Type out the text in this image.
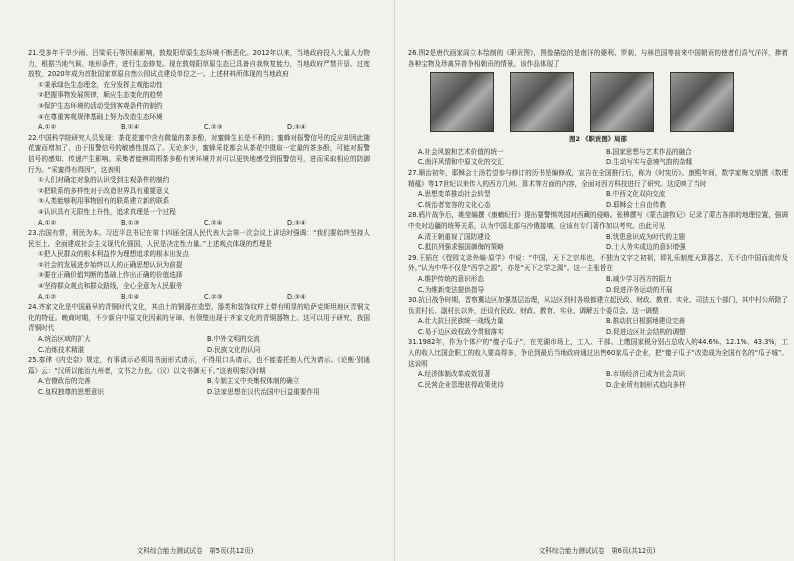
21.受多年干旱少雨、吕梁采石等因素影响，敦煌阳草原生态环境不断恶化。2012年以来，当地政府投入大量人力物力，根据当地气候、地形条件，进行生态修复。现在敦煌阳草原生态已具备自我恢复能力，当地政府严禁开垦、过度放牧，2020年成为首批国家草原自然公园试点建设单位之一。上述材料所体现的当地政府
①秉承绿色生态理念，充分发挥主观能动性
②把握事物发展规律，顺应生态变化的趋势
③保护生态环境的活动受到客观条件的制约
④在尊重客观规律基础上努力改造生态环境
A.①②	B.①④	C.②③	D.③④
22.中国科学院研究人员发现：茶花花蜜中含有微量的茶多酚，对蜜蜂生长是不利的；蜜蜂对报警信号的反应却因此随花蜜而增加了，由于报警信号的敏感性提高了。无论多少，蜜蜂采花都会从茶花中摄取一定量的茶多酚，可能对报警信号的感知、传递产生影响。采集者能辨周围茶多酚有害环境并对可以更快地感受到报警信号，进而采取相应的防御行为。“采蜜得有得因”，这表明
①人们对确定对象的认识受到主观条件的制约
②把联系的多样性对于改造世界具有重要意义
③人类能够利用事物固有的联系建立新的联系
④认识具有无限性上升性，追求真理是一个过程
A.①②	B.①③	C.②④	D.③④
23.治国有常，利民为本。习近平总书记在第十四届全国人民代表大会第一次会议上讲话时强调：“我们要始终坚持人民至上。全面建成社会主义现代化强国，人民是决定性力量。”上述观点体现的哲理是
①把人民群众的根本利益作为理想追求的根本出发点
②社会的发展进步始终以人的正确思想认识为前提
③要在正确价值判断的基础上作出正确的价值选择
④坚持群众观点和群众路线，全心全意为人民服务
A.①②	B.①④	C.②③	D.③④
24.齐家文化是中国最早的青铜时代文化，其由土的铜器在造型、器类和装饰纹样上带有明显的哈萨克斯坦地区青铜文化的特征。晚商时期，不少新自中原文化因素的牙璋、有领璧出现于齐家文化的青铜器物上。这可以用于研究，我国青铜时代
A.统治区域的扩大	B.中外文明的交流
C.冶炼技术精湛	D.民族文化的认同
25.秦律《内史杂》规定，有事请示必须用书面形式请示，不得用口头请示，也不能委托他人代为请示。《论衡·别通篇》云：“汉所以能治九州者，文书之力也。（汉）以文书御天下。”这表明秦汉时期
A.官僚政治的完善	B.专制主义中央集权体制的确立
C.皇权独尊的思想意识	D.法家思想在汉代治国中日益重要作用
文科综合能力测试试卷　第5页(共12页)
26.图2是唐代画家阎立本绘制的《职贡图》，图像描绘的是南洋的婆利、罗刹、与林邑国等前来中国朝贡的使者们喜气洋洋，捧着各种宝物及珍禽异兽争相朝贡的情景。该作品体现了
图2 《职贡图》局部
A.社会风貌和艺术价值的统一	B.国家思想与艺术作品的融合
C.南洋风情和中原文化的交汇	D.生动写实与意境气韵的杂糅
27.顺治初年，耶稣会士汤若望参与修订的历书是编修成，宣告在全国推行后，称为《时宪历》。康熙年间，数学家梅文鼎撰《数理精蕴》等17世纪以来传入的西方几何、算术等方面的内容，全面对西方科技进行了研究。这反映了当时
A.思想变革推动社会转型	B.中西文化双向交流
C.统治者宽容的文化心态	D.耶稣会士自由传教
28.鸦片战争后，姚莹编撰《康輶纪行》提出要警惕英国对西藏的侵略。张穆撰写《蒙古游牧记》记录了蒙古各部的地理位置，强调中央对边疆的统筹关系，认为中国北部与沙俄接壤，应该有专门著作加以考究。由此可见
A.清王朝重视了国防建设	B.忧患意识成为时代的主题
C.抵抗列强求强国御侮的策略	D.士人务实成边的意识增强
29.王韬在《弢园文录外编·原学》中说：“中国，天下之宗邦也，不独为文字之初祖，即礼乐制度天算器艺，无不由中国而流传及外。”认为中华不仅是“西学之源”，亦是“天下之学之源”。这一主张旨在
A.维护传统的意识形态	B.减少学习西方的阻力
C.为维新变法提供指导	D.促进洋务运动的开展
30.抗日战争时期，晋察冀边区加强基层治理，从边区到村各级都建立起民政、财政、教育、实业、司法五个部门，其中村公所除了负责村长、副村长以外，还设有民政、财政、教育、实业、调解五个委员会。这一调整
A.壮大抗日民族统一战线力量	B.推动抗日根据地建设完善
C.易于边区政权政令贯彻落实	D.促进边区社会结构的调整
31.1982年，作为个体户的“傻子瓜子”，在芜湖市场上，工人、干部、上缴国家税分别占总收入的44.6%、12.1%、43.3%，工人的收入比国企职工的收入要高得多，争论到最后当地政府通过出售60家瓜子企业，把“傻子瓜子”改造成为全国有名的“瓜子城”。这说明
A.经济体制改革成效显著	B.市场经济已成为社会共识
C.民营企业管理获得政策优待	D.企业所有制形式趋向多样
文科综合能力测试试卷　第6页(共12页)
